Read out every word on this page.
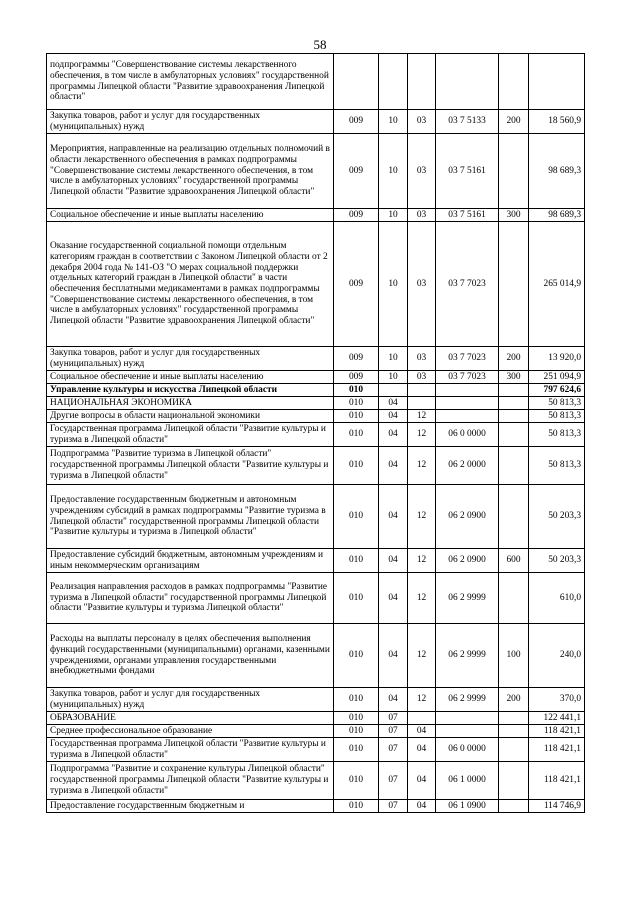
58
подпрограммы "Совершенствование системы лекарственного обеспечения, в том числе в амбулаторных условиях" государственной программы Липецкой области "Развитие здравоохранения Липецкой области"						
Закупка товаров, работ и услуг для государственных (муниципальных) нужд	009	10	03	03 7 5133	200	18 560,9
Мероприятия, направленные на реализацию отдельных полномочий в области лекарственного обеспечения в рамках подпрограммы "Совершенствование системы лекарственного обеспечения, в том числе в амбулаторных условиях" государственной программы Липецкой области "Развитие здравоохранения Липецкой области"	009	10	03	03 7 5161		98 689,3
Социальное обеспечение и иные выплаты населению	009	10	03	03 7 5161	300	98 689,3
Оказание государственной социальной помощи отдельным категориям граждан в соответствии с Законом Липецкой области от 2 декабря 2004 года № 141-ОЗ "О мерах социальной поддержки отдельных категорий граждан в Липецкой области" в части обеспечения бесплатными медикаментами в рамках подпрограммы "Совершенствование системы лекарственного обеспечения, в том числе в амбулаторных условиях" государственной программы Липецкой области "Развитие здравоохранения Липецкой области"	009	10	03	03 7 7023		265 014,9
Закупка товаров, работ и услуг для государственных (муниципальных) нужд	009	10	03	03 7 7023	200	13 920,0
Социальное обеспечение и иные выплаты населению	009	10	03	03 7 7023	300	251 094,9
Управление культуры и искусства Липецкой области	010					797 624,6
НАЦИОНАЛЬНАЯ ЭКОНОМИКА	010	04				50 813,3
Другие вопросы в области национальной экономики	010	04	12			50 813,3
Государственная программа Липецкой области "Развитие культуры и туризма в Липецкой области"	010	04	12	06 0 0000		50 813,3
Подпрограмма "Развитие туризма в Липецкой области" государственной программы Липецкой области "Развитие культуры и туризма в Липецкой области"	010	04	12	06 2 0000		50 813,3
Предоставление государственным бюджетным и автономным учреждениям субсидий в рамках подпрограммы "Развитие туризма в Липецкой области" государственной программы Липецкой области "Развитие культуры и туризма в Липецкой области"	010	04	12	06 2 0900		50 203,3
Предоставление субсидий бюджетным, автономным учреждениям и иным некоммерческим организациям	010	04	12	06 2 0900	600	50 203,3
Реализация направления расходов в рамках подпрограммы "Развитие туризма в Липецкой области" государственной программы Липецкой области "Развитие культуры и туризма Липецкой области"	010	04	12	06 2 9999		610,0
Расходы на выплаты персоналу в целях обеспечения выполнения функций государственными (муниципальными) органами, казенными учреждениями, органами управления государственными внебюджетными фондами	010	04	12	06 2 9999	100	240,0
Закупка товаров, работ и услуг для государственных (муниципальных) нужд	010	04	12	06 2 9999	200	370,0
ОБРАЗОВАНИЕ	010	07				122 441,1
Среднее профессиональное образование	010	07	04			118 421,1
Государственная программа Липецкой области "Развитие культуры и туризма в Липецкой области"	010	07	04	06 0 0000		118 421,1
Подпрограмма "Развитие и сохранение культуры Липецкой области" государственной программы Липецкой области "Развитие культуры и туризма в Липецкой области"	010	07	04	06 1 0000		118 421,1
Предоставление государственным бюджетным и	010	07	04	06 1 0900		114 746,9
